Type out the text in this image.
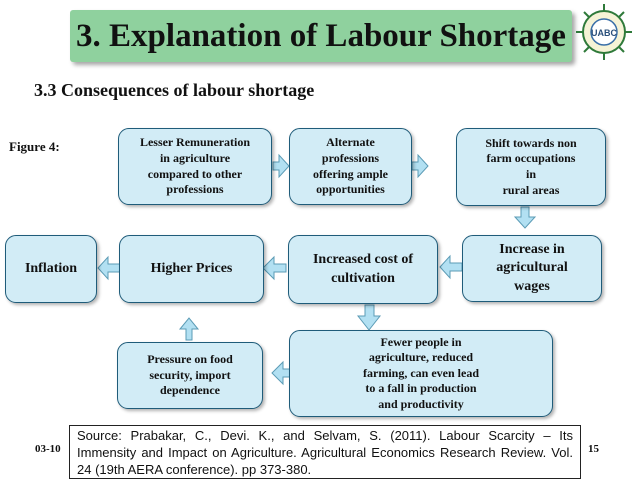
3. Explanation of Labour Shortage	UABC
3.3 Consequences of labour shortage
Figure 4:	Lesser Remuneration
in agriculture
compared to other
professions
Alternate
professions
offering ample
opportunities
Shift towards non
farm occupations
in
rural areas
Increase in
agricultural
wages
Increased cost of
cultivation
Higher Prices
Inflation
Fewer people in
agriculture, reduced
farming, can even lead
to a fall in production
and productivity
Pressure on food
security, import
dependence
03-10	15
Source: Prabakar, C., Devi. K., and Selvam, S. (2011). Labour Scarcity – Its Immensity and Impact on Agriculture. Agricultural Economics Research Review. Vol. 24 (19th AERA conference). pp 373-380.
